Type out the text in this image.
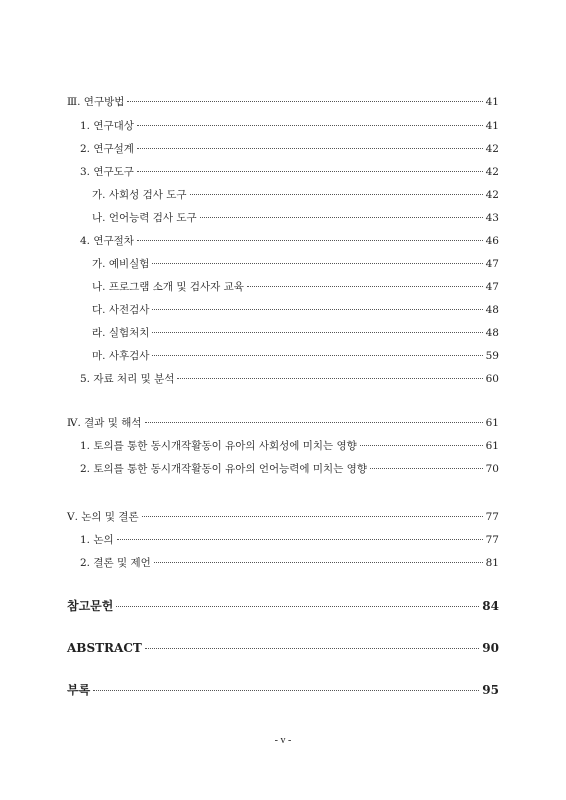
Ⅲ. 연구방법	41
1. 연구대상	41
2. 연구설계	42
3. 연구도구	42
가. 사회성 검사 도구	42
나. 언어능력 검사 도구	43
4. 연구절차	46
가. 예비실험	47
나. 프로그램 소개 및 검사자 교육	47
다. 사전검사	48
라. 실험처치	48
마. 사후검사	59
5. 자료 처리 및 분석	60
Ⅳ. 결과 및 해석	61
1. 토의를 통한 동시개작활동이 유아의 사회성에 미치는 영향	61
2. 토의를 통한 동시개작활동이 유아의 언어능력에 미치는 영향	70
Ⅴ. 논의 및 결론	77
1. 논의	77
2. 결론 및 제언	81
참고문헌	84
ABSTRACT	90
부록	95
- v -
